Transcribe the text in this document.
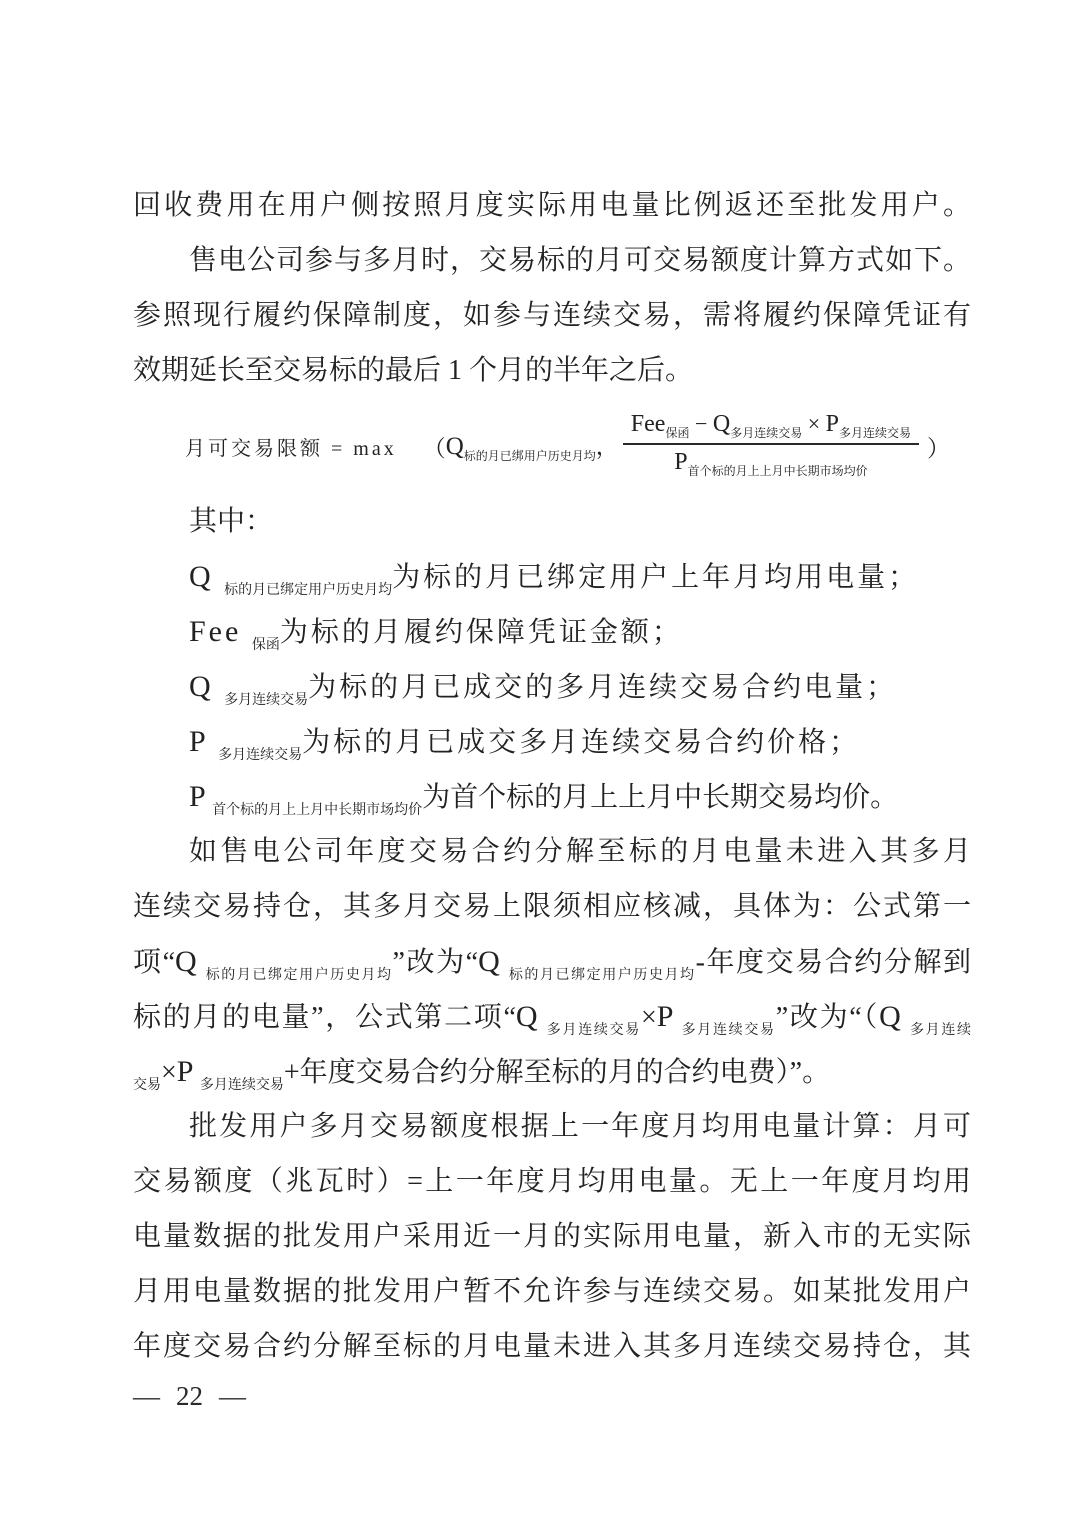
回收费用在用户侧按照月度实际用电量比例返还至批发用户。
售电公司参与多月时，交易标的月可交易额度计算方式如下。
参照现行履约保障制度，如参与连续交易，需将履约保障凭证有
效期延长至交易标的最后 1 个月的半年之后。
月可交易限额 = max （ $Q_{标的月已绑用户历史月均}$， $\frac{Fee_{保函} - Q_{多月连续交易} \times P_{多月连续交易}}{P_{首个标的月上上月中长期市场均价}}$ ）
其中：
Q $_{标的月已绑定用户历史月均}$为标的月已绑定用户上年月均用电量；
Fee $_{保函}$为标的月履约保障凭证金额；
Q $_{多月连续交易}$为标的月已成交的多月连续交易合约电量；
P $_{多月连续交易}$为标的月已成交多月连续交易合约价格；
P $_{首个标的月上上月中长期市场均价}$为首个标的月上上月中长期交易均价。
如售电公司年度交易合约分解至标的月电量未进入其多月
连续交易持仓，其多月交易上限须相应核减，具体为：公式第一
项“Q $_{标的月已绑定用户历史月均}$”改为“Q $_{标的月已绑定用户历史月均}$-年度交易合约分解到
标的月的电量”，公式第二项“Q $_{多月连续交易}$×P $_{多月连续交易}$”改为“（Q $_{多月连续}$
$_{交易}$×P $_{多月连续交易}$+年度交易合约分解至标的月的合约电费）”。
批发用户多月交易额度根据上一年度月均用电量计算：月可
交易额度（兆瓦时）=上一年度月均用电量。无上一年度月均用
电量数据的批发用户采用近一月的实际用电量，新入市的无实际
月用电量数据的批发用户暂不允许参与连续交易。如某批发用户
年度交易合约分解至标的月电量未进入其多月连续交易持仓，其
— 22 —
